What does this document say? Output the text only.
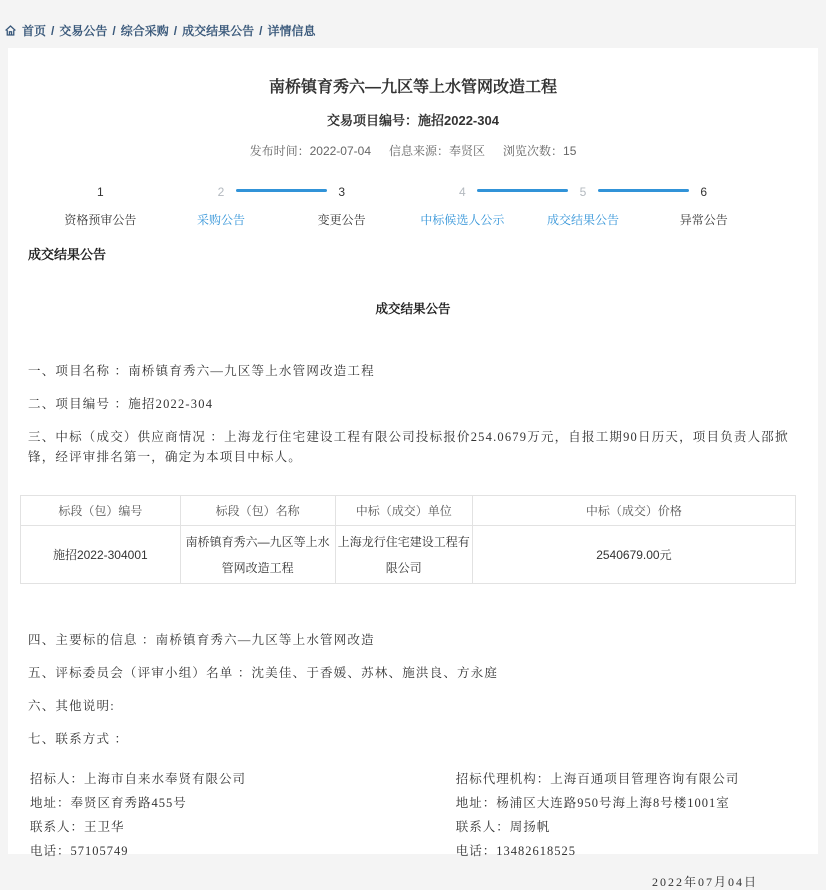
首页 / 交易公告 / 综合采购 / 成交结果公告 / 详情信息
南桥镇育秀六—九区等上水管网改造工程
交易项目编号：施招2022-304
发布时间：2022-07-04 信息来源：奉贤区 浏览次数：15
1
资格预审公告
2
采购公告
3
变更公告
4
中标候选人公示
5
成交结果公告
6
异常公告
成交结果公告
成交结果公告

一、项目名称 ：南桥镇育秀六—九区等上水管网改造工程

二、项目编号 ：施招2022-304

三、中标（成交）供应商情况 ：上海龙行住宅建设工程有限公司投标报价254.0679万元，自报工期90日历天，项目负责人邵掀锋，经评审排名第一，确定为本项目中标人。

标段（包）编号	标段（包）名称	中标（成交）单位	中标（成交）价格
施招2022-304001	南桥镇育秀六—九区等上水管网改造工程	上海龙行住宅建设工程有限公司	2540679.00元

四、主要标的信息 ：南桥镇育秀六—九区等上水管网改造

五、评标委员会（评审小组）名单 ：沈美佳、于香媛、苏林、施洪良、方永庭

六、其他说明:

七、联系方式 ：

招标人：上海市自来水奉贤有限公司
地址：奉贤区育秀路455号
联系人：王卫华
电话：57105749
招标代理机构：上海百通项目管理咨询有限公司
地址：杨浦区大连路950号海上海8号楼1001室
联系人：周扬帆
电话：13482618525
2022年07月04日
